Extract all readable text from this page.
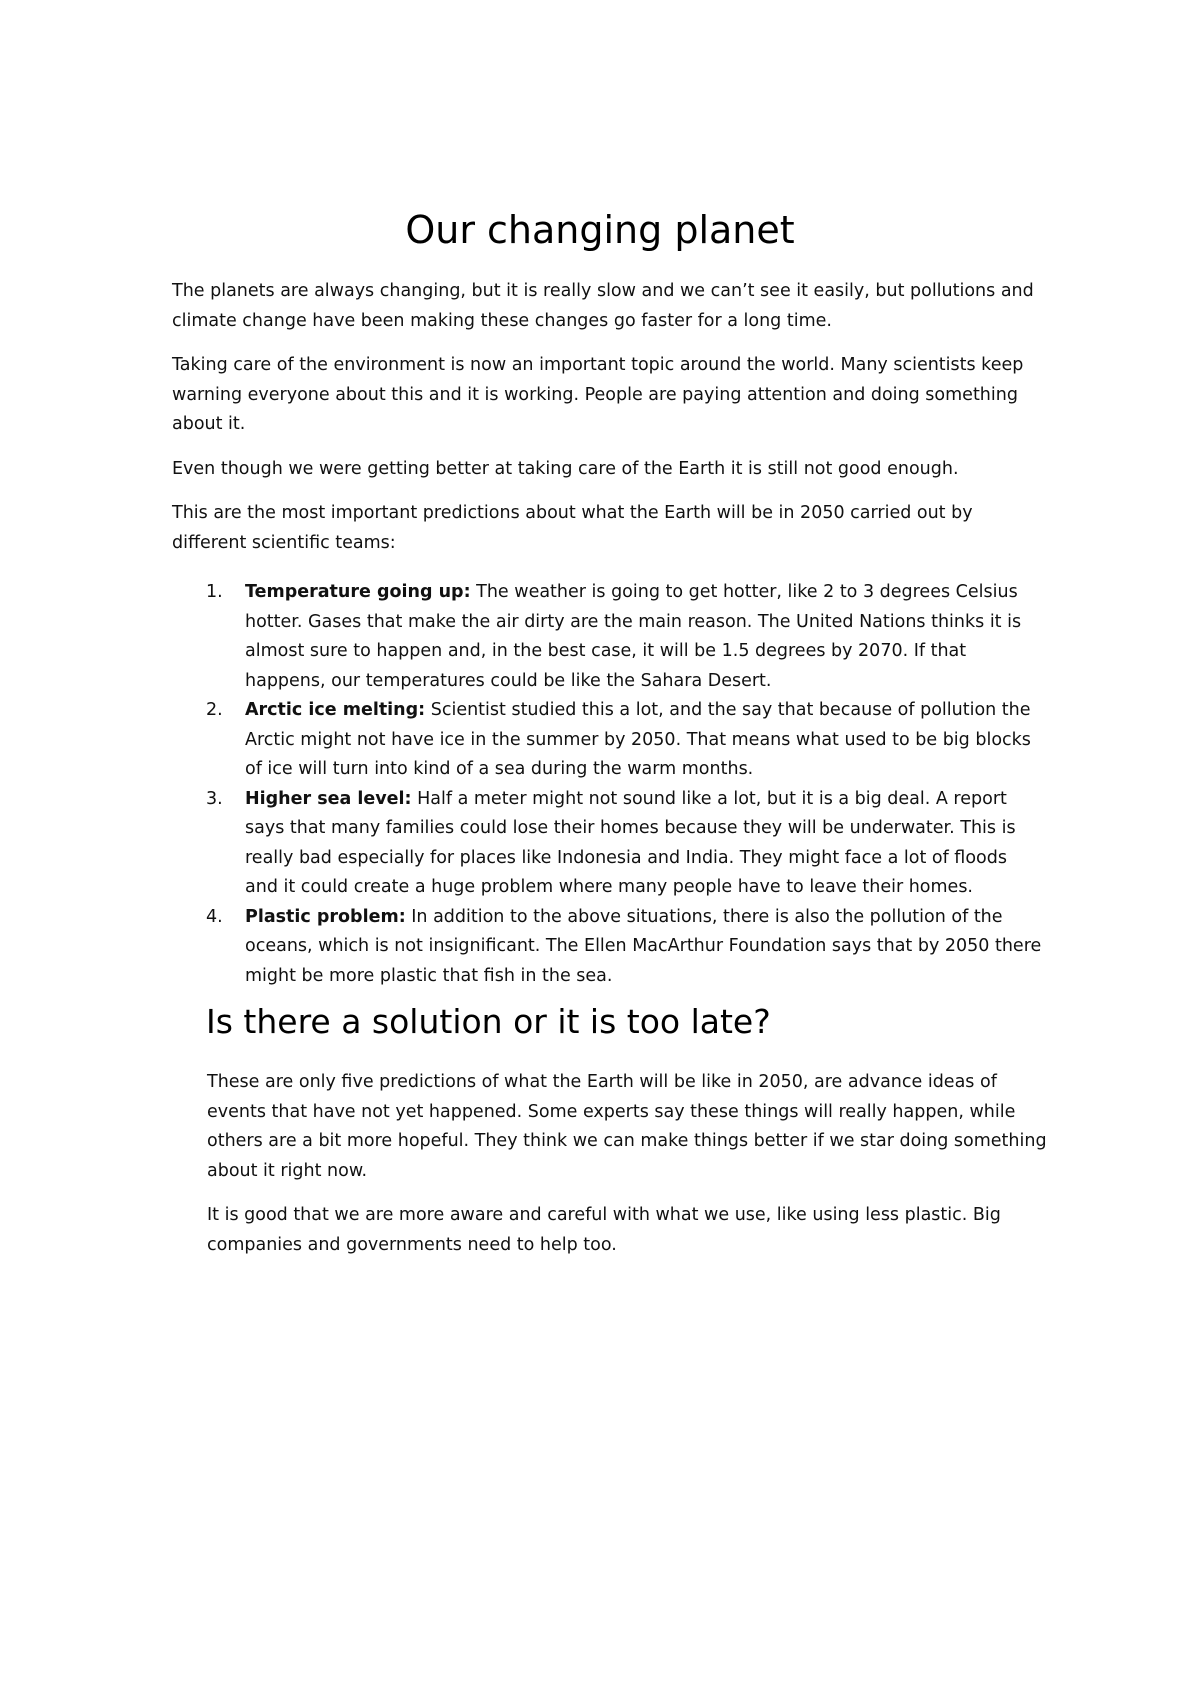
Our changing planet

The planets are always changing, but it is really slow and we can’t see it easily, but pollutions and climate change have been making these changes go faster for a long time.

Taking care of the environment is now an important topic around the world. Many scientists keep warning everyone about this and it is working. People are paying attention and doing something about it.

Even though we were getting better at taking care of the Earth it is still not good enough.

This are the most important predictions about what the Earth will be in 2050 carried out by different scientific teams:

1. Temperature going up: The weather is going to get hotter, like 2 to 3 degrees Celsius hotter. Gases that make the air dirty are the main reason. The United Nations thinks it is almost sure to happen and, in the best case, it will be 1.5 degrees by 2070. If that happens, our temperatures could be like the Sahara Desert.
2. Arctic ice melting: Scientist studied this a lot, and the say that because of pollution the Arctic might not have ice in the summer by 2050. That means what used to be big blocks of ice will turn into kind of a sea during the warm months.
3. Higher sea level: Half a meter might not sound like a lot, but it is a big deal. A report says that many families could lose their homes because they will be underwater. This is really bad especially for places like Indonesia and India. They might face a lot of floods and it could create a huge problem where many people have to leave their homes.
4. Plastic problem: In addition to the above situations, there is also the pollution of the oceans, which is not insignificant. The Ellen MacArthur Foundation says that by 2050 there might be more plastic that fish in the sea.
Is there a solution or it is too late?

These are only five predictions of what the Earth will be like in 2050, are advance ideas of events that have not yet happened. Some experts say these things will really happen, while others are a bit more hopeful. They think we can make things better if we star doing something about it right now.

It is good that we are more aware and careful with what we use, like using less plastic. Big companies and governments need to help too.
